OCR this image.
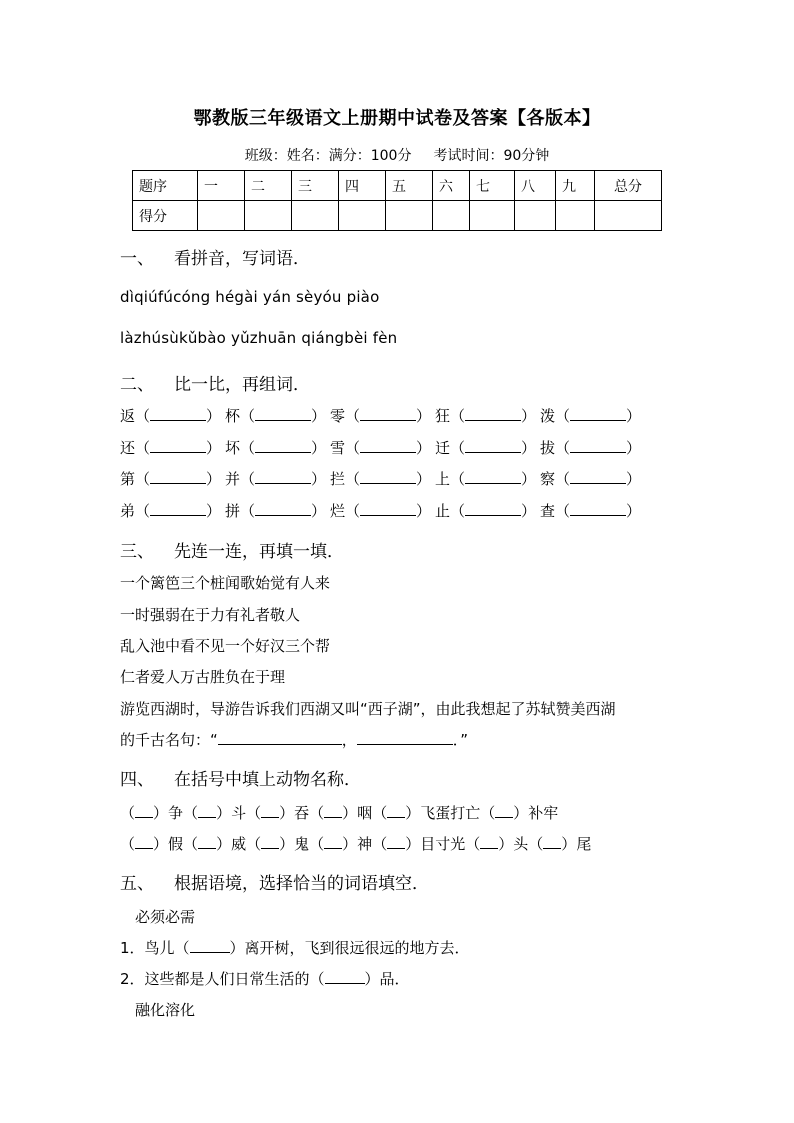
鄂教版三年级语文上册期中试卷及答案【各版本】
班级：姓名：满分：100分 考试时间：90分钟
题序	一	二	三	四	五	六	七	八	九	总分
得分										
一、 看拼音，写词语．
dìqiúfúcóng hégài yán sèyóu piào
làzhúsùkǔbào yǔzhuān qiángbèi fèn
二、 比一比，再组词．
返（	） 杯（	） 零（	） 狂（	） 泼（	）
还（	） 坏（	） 雪（	） 迁（	） 拔（	）
第（	） 并（	） 拦（	） 上（	） 察（	）
弟（	） 拼（	） 烂（	） 止（	） 查（	）
三、 先连一连，再填一填．
一个篱笆三个桩闻歌始觉有人来
一时强弱在于力有礼者敬人
乱入池中看不见一个好汉三个帮
仁者爱人万古胜负在于理
游览西湖时，导游告诉我们西湖又叫“西子湖”，由此我想起了苏轼赞美西湖
的千古名句：“	，	．”
四、 在括号中填上动物名称．
（ ）争（ ）斗（ ）吞（ ）咽（ ）飞蛋打亡（ ）补牢
（ ）假（ ）威（ ）鬼（ ）神（ ）目寸光（ ）头（ ）尾
五、 根据语境，选择恰当的词语填空．
必须必需
1．鸟儿（	）离开树，飞到很远很远的地方去．
2．这些都是人们日常生活的（	）品．
融化溶化
